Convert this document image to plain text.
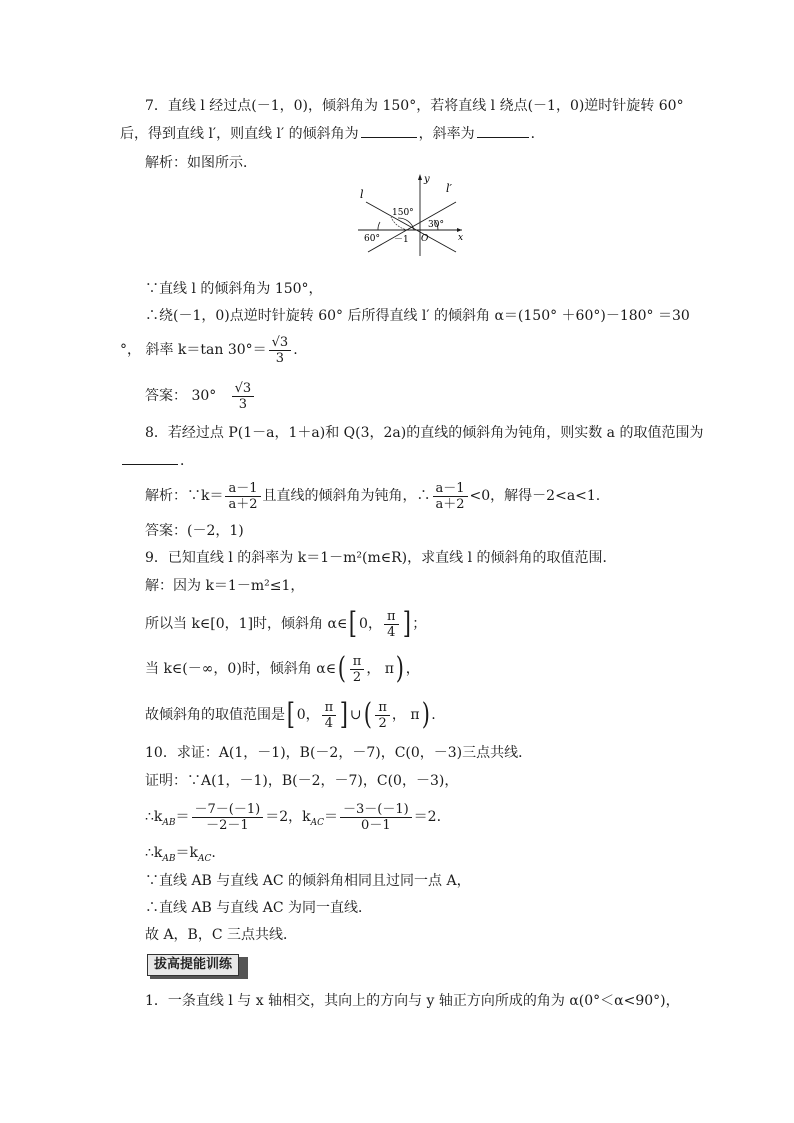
7．直线 l 经过点(－1，0)，倾斜角为 150°，若将直线 l 绕点(－1，0)逆时针旋转 60°
后，得到直线 l′，则直线 l′ 的倾斜角为	，斜率为	．
解析：如图所示．
l	l′
y
x
150°
30°
60° －1 O
∵直线 l 的倾斜角为 150°，
∴绕(－1，0)点逆时针旋转 60° 后所得直线 l′ 的倾斜角 α＝(150° ＋60°)－180° ＝30
°， 斜率 k＝tan $30^\circ= \frac{√3}{3}$ .
答案： $30^\circ \frac{√3}{3}$
8．若经过点 P(1－a，1＋a)和 Q(3，2a)的直线的倾斜角为钝角，则实数 a 的取值范围为
．
解析：∵k＝ $\frac{a-1}{a+2}$ 且直线的倾斜角为钝角，∴ $\frac{a-1}{a+2} <0$，解得－2<a<1.
答案：(－2，1)
9．已知直线 l 的斜率为 k＝1－m²(m∈R)，求直线 l 的倾斜角的取值范围．
解：因为 k＝1－m²≤1，
所以当 k∈[0，1]时，倾斜角 α∈[ 0， $\frac{\pi}{4}$ ] ；
当 k∈(－∞，0)时，倾斜角 α∈( $\frac{\pi}{2}$ ， π) ，
故倾斜角的取值范围是[ 0， $\frac{\pi}{4}$ ] ∪( $\frac{\pi}{2}$ ， π) .
10．求证：A(1，－1)，B(－2，－7)，C(0，－3)三点共线．
证明：∵A(1，－1)，B(－2，－7)，C(0，－3)，
$\therefore k_{AB}= \frac{-7-(-1)}{-2-1} =2$，$k_{AC}= \frac{-3-(-1)}{0-1} =2$.
$\therefore k_{AB}=k_{AC}$.
∵直线 AB 与直线 AC 的倾斜角相同且过同一点 A，
∴直线 AB 与直线 AC 为同一直线．
故 A，B，C 三点共线．
拔高提能训练
1．一条直线 l 与 x 轴相交，其向上的方向与 y 轴正方向所成的角为 α(0°＜α<90°)，
